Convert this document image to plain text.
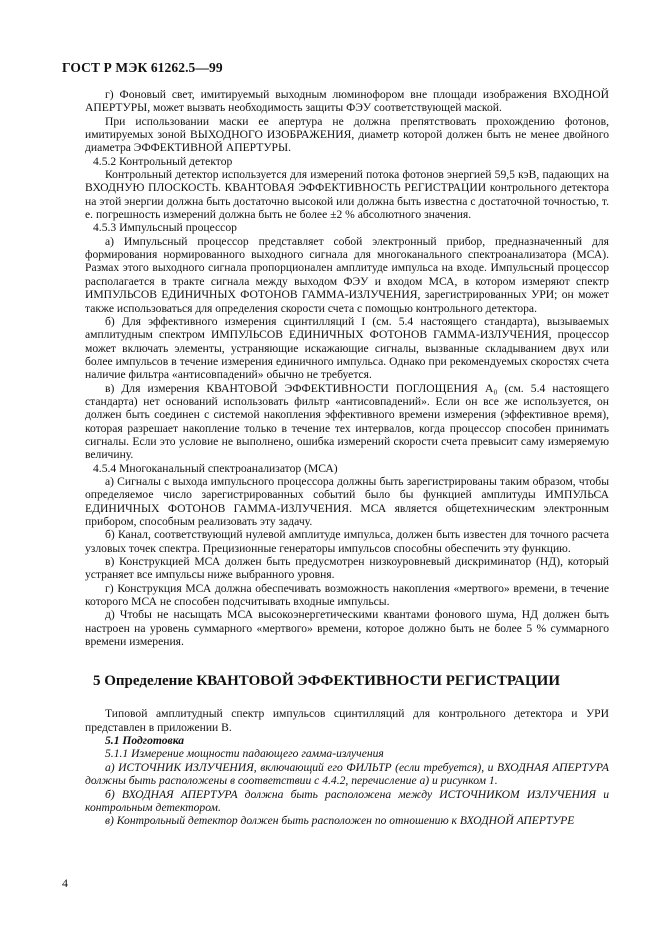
ГОСТ Р МЭК 61262.5—99

г) Фоновый свет, имитируемый выходным люминофором вне площади изображения ВХОДНОЙ АПЕРТУРЫ, может вызвать необходимость защиты ФЭУ соответствующей маской.

При использовании маски ее апертура не должна препятствовать прохождению фотонов, имитируемых зоной ВЫХОДНОГО ИЗОБРАЖЕНИЯ, диаметр которой должен быть не менее двойного диаметра ЭФФЕКТИВНОЙ АПЕРТУРЫ.

4.5.2 Контрольный детектор

Контрольный детектор используется для измерений потока фотонов энергией 59,5 кэВ, падающих на ВХОДНУЮ ПЛОСКОСТЬ. КВАНТОВАЯ ЭФФЕКТИВНОСТЬ РЕГИСТРАЦИИ контрольного детектора на этой энергии должна быть достаточно высокой или должна быть известна с достаточной точностью, т. е. погрешность измерений должна быть не более ±2 % абсолютного значения.

4.5.3 Импульсный процессор

а) Импульсный процессор представляет собой электронный прибор, предназначенный для формирования нормированного выходного сигнала для многоканального спектроанализатора (МСА). Размах этого выходного сигнала пропорционален амплитуде импульса на входе. Импульсный процессор располагается в тракте сигнала между выходом ФЭУ и входом МСА, в котором измеряют спектр ИМПУЛЬСОВ ЕДИНИЧНЫХ ФОТОНОВ ГАММА-ИЗЛУЧЕНИЯ, зарегистрированных УРИ; он может также использоваться для определения скорости счета с помощью контрольного детектора.

б) Для эффективного измерения сцинтилляций I (см. 5.4 настоящего стандарта), вызываемых амплитудным спектром ИМПУЛЬСОВ ЕДИНИЧНЫХ ФОТОНОВ ГАММА-ИЗЛУЧЕНИЯ, процессор может включать элементы, устраняющие искажающие сигналы, вызванные складыванием двух или более импульсов в течение измерения единичного импульса. Однако при рекомендуемых скоростях счета наличие фильтра «антисовпадений» обычно не требуется.

в) Для измерения КВАНТОВОЙ ЭФФЕКТИВНОСТИ ПОГЛОЩЕНИЯ A₀ (см. 5.4 настоящего стандарта) нет оснований использовать фильтр «антисовпадений». Если он все же используется, он должен быть соединен с системой накопления эффективного времени измерения (эффективное время), которая разрешает накопление только в течение тех интервалов, когда процессор способен принимать сигналы. Если это условие не выполнено, ошибка измерений скорости счета превысит саму измеряемую величину.

4.5.4 Многоканальный спектроанализатор (МСА)

а) Сигналы с выхода импульсного процессора должны быть зарегистрированы таким образом, чтобы определяемое число зарегистрированных событий было бы функцией амплитуды ИМПУЛЬСА ЕДИНИЧНЫХ ФОТОНОВ ГАММА-ИЗЛУЧЕНИЯ. МСА является общетехническим электронным прибором, способным реализовать эту задачу.

б) Канал, соответствующий нулевой амплитуде импульса, должен быть известен для точного расчета узловых точек спектра. Прецизионные генераторы импульсов способны обеспечить эту функцию.

в) Конструкцией МСА должен быть предусмотрен низкоуровневый дискриминатор (НД), который устраняет все импульсы ниже выбранного уровня.

г) Конструкция МСА должна обеспечивать возможность накопления «мертвого» времени, в течение которого МСА не способен подсчитывать входные импульсы.

д) Чтобы не насыщать МСА высокоэнергетическими квантами фонового шума, НД должен быть настроен на уровень суммарного «мертвого» времени, которое должно быть не более 5 % суммарного времени измерения.

5 Определение КВАНТОВОЙ ЭФФЕКТИВНОСТИ РЕГИСТРАЦИИ

Типовой амплитудный спектр импульсов сцинтилляций для контрольного детектора и УРИ представлен в приложении В.

5.1 Подготовка

5.1.1 Измерение мощности падающего гамма-излучения

а) ИСТОЧНИК ИЗЛУЧЕНИЯ, включающий его ФИЛЬТР (если требуется), и ВХОДНАЯ АПЕРТУРА должны быть расположены в соответствии с 4.4.2, перечисление а) и рисунком 1.

б) ВХОДНАЯ АПЕРТУРА должна быть расположена между ИСТОЧНИКОМ ИЗЛУЧЕНИЯ и контрольным детектором.

в) Контрольный детектор должен быть расположен по отношению к ВХОДНОЙ АПЕРТУРЕ

4
